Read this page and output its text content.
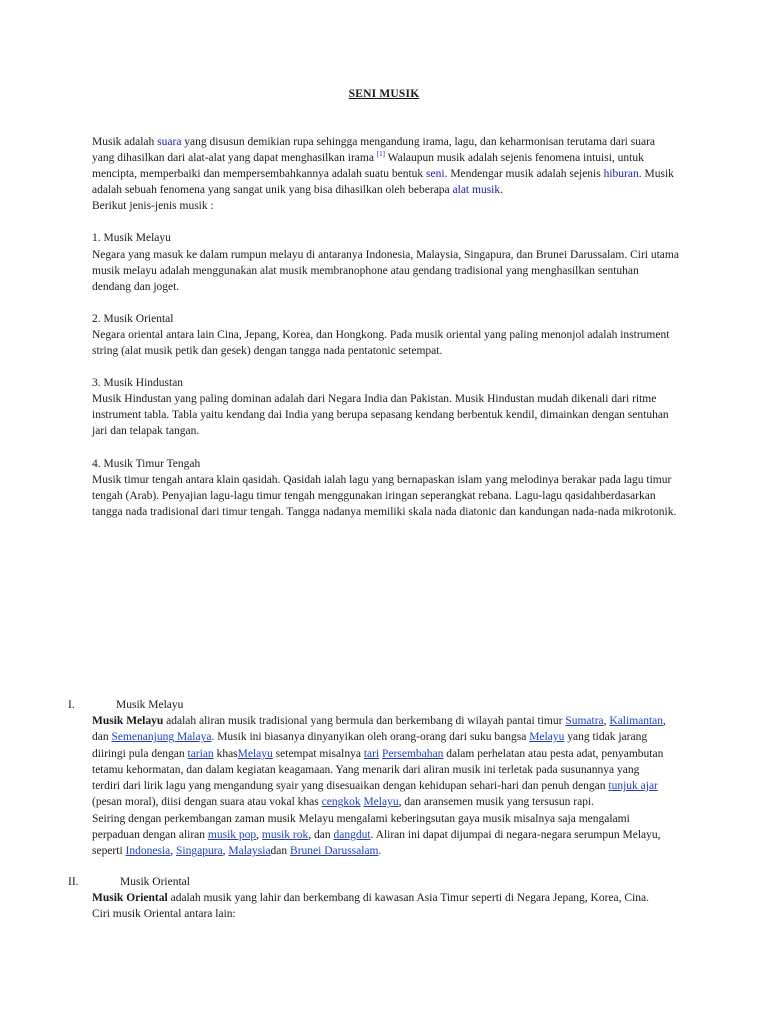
SENI MUSIK

Musik adalah suara yang disusun demikian rupa sehingga mengandung irama, lagu, dan keharmonisan terutama dari suara yang dihasilkan dari alat-alat yang dapat menghasilkan irama [1] Walaupun musik adalah sejenis fenomena intuisi, untuk mencipta, memperbaiki dan mempersembahkannya adalah suatu bentuk seni. Mendengar musik adalah sejenis hiburan. Musik adalah sebuah fenomena yang sangat unik yang bisa dihasilkan oleh beberapa alat musik.

Berikut jenis-jenis musik :

1. Musik Melayu

Negara yang masuk ke dalam rumpun melayu di antaranya Indonesia, Malaysia, Singapura, dan Brunei Darussalam. Ciri utama musik melayu adalah menggunakan alat musik membranophone atau gendang tradisional yang menghasilkan sentuhan dendang dan joget.

2. Musik Oriental

Negara oriental antara lain Cina, Jepang, Korea, dan Hongkong. Pada musik oriental yang paling menonjol adalah instrument string (alat musik petik dan gesek) dengan tangga nada pentatonic setempat.

3. Musik Hindustan

Musik Hindustan yang paling dominan adalah dari Negara India dan Pakistan. Musik Hindustan mudah dikenali dari ritme instrument tabla. Tabla yaitu kendang dai India yang berupa sepasang kendang berbentuk kendil, dimainkan dengan sentuhan jari dan telapak tangan.

4. Musik Timur Tengah

Musik timur tengah antara klain qasidah. Qasidah ialah lagu yang bernapaskan islam yang melodinya berakar pada lagu timur tengah (Arab). Penyajian lagu-lagu timur tengah menggunakan iringan seperangkat rebana. Lagu-lagu qasidahberdasarkan tangga nada tradisional dari timur tengah. Tangga nadanya memiliki skala nada diatonic dan kandungan nada-nada mikrotonik.

I.	Musik Melayu

Musik Melayu adalah aliran musik tradisional yang bermula dan berkembang di wilayah pantai timur Sumatra, Kalimantan, dan Semenanjung Malaya. Musik ini biasanya dinyanyikan oleh orang-orang dari suku bangsa Melayu yang tidak jarang diiringi pula dengan tarian khasMelayu setempat misalnya tari Persembahan dalam perhelatan atau pesta adat, penyambutan tetamu kehormatan, dan dalam kegiatan keagamaan. Yang menarik dari aliran musik ini terletak pada susunannya yang terdiri dari lirik lagu yang mengandung syair yang disesuaikan dengan kehidupan sehari-hari dan penuh dengan tunjuk ajar (pesan moral), diisi dengan suara atau vokal khas cengkok Melayu, dan aransemen musik yang tersusun rapi.

Seiring dengan perkembangan zaman musik Melayu mengalami keberingsutan gaya musik misalnya saja mengalami perpaduan dengan aliran musik pop, musik rok, dan dangdut. Aliran ini dapat dijumpai di negara-negara serumpun Melayu, seperti Indonesia, Singapura, Malaysiadan Brunei Darussalam.

II.	Musik Oriental

Musik Oriental adalah musik yang lahir dan berkembang di kawasan Asia Timur seperti di Negara Jepang, Korea, Cina.

Ciri musik Oriental antara lain:
